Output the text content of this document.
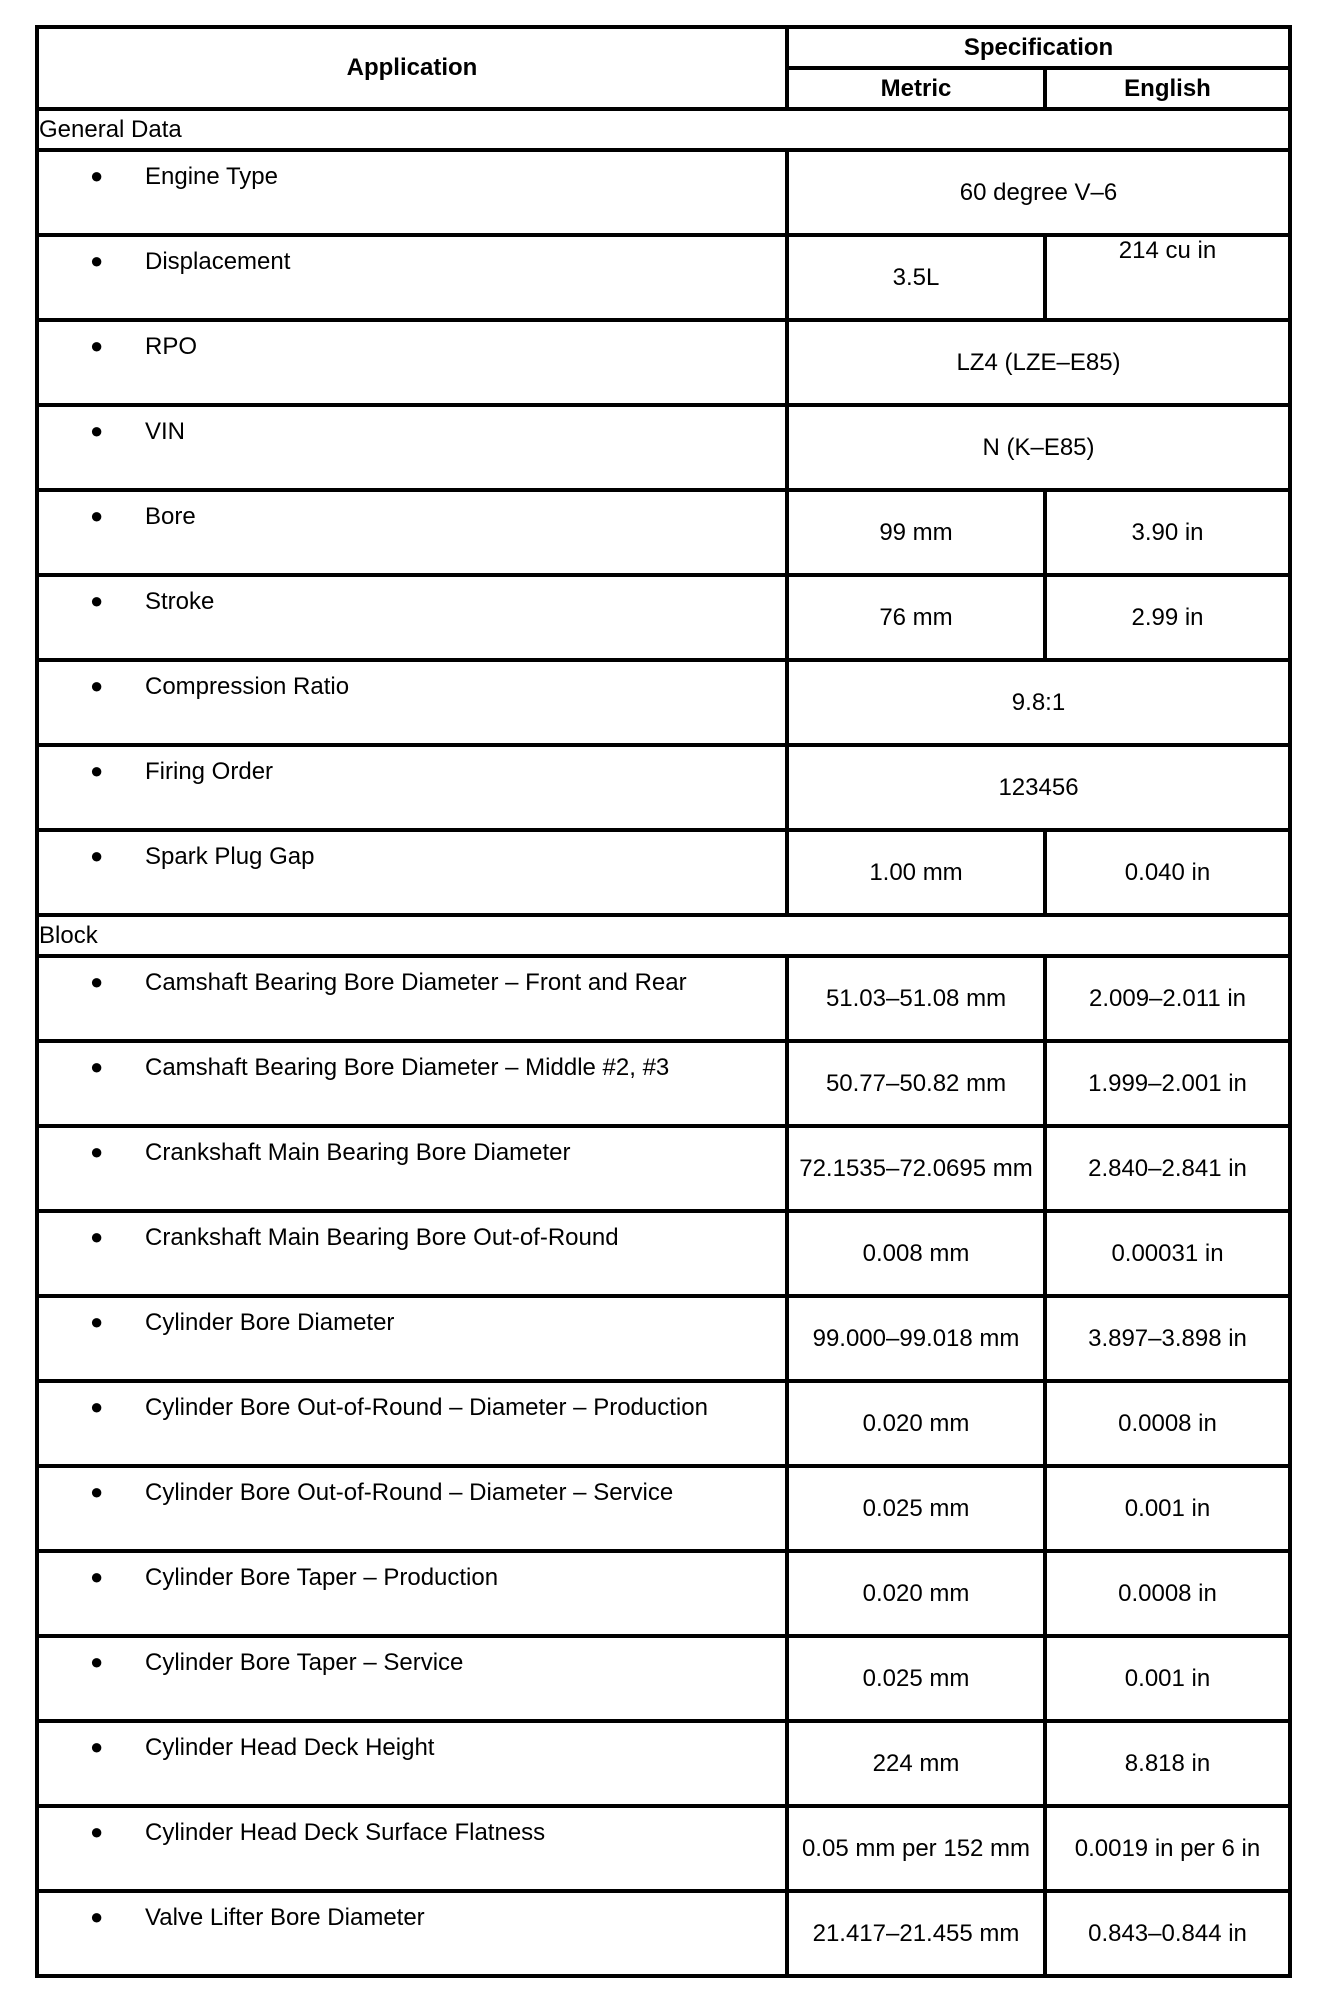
Application	Specification	
	Metric	English
General Data		

● Engine Type	60 degree V–6	

● Displacement	3.5L	214 cu in

● RPO	LZ4 (LZE–E85)	

● VIN	N (K–E85)	

● Bore	99 mm	3.90 in

● Stroke	76 mm	2.99 in

● Compression Ratio	9.8:1	

● Firing Order	123456	

● Spark Plug Gap	1.00 mm	0.040 in
Block		

● Camshaft Bearing Bore Diameter – Front and Rear	51.03–51.08 mm	2.009–2.011 in

● Camshaft Bearing Bore Diameter – Middle #2, #3	50.77–50.82 mm	1.999–2.001 in

● Crankshaft Main Bearing Bore Diameter	72.1535–72.0695 mm	2.840–2.841 in

● Crankshaft Main Bearing Bore Out-of-Round	0.008 mm	0.00031 in

● Cylinder Bore Diameter	99.000–99.018 mm	3.897–3.898 in

● Cylinder Bore Out-of-Round – Diameter – Production	0.020 mm	0.0008 in

● Cylinder Bore Out-of-Round – Diameter – Service	0.025 mm	0.001 in

● Cylinder Bore Taper – Production	0.020 mm	0.0008 in

● Cylinder Bore Taper – Service	0.025 mm	0.001 in

● Cylinder Head Deck Height	224 mm	8.818 in

● Cylinder Head Deck Surface Flatness	0.05 mm per 152 mm	0.0019 in per 6 in

● Valve Lifter Bore Diameter	21.417–21.455 mm	0.843–0.844 in
